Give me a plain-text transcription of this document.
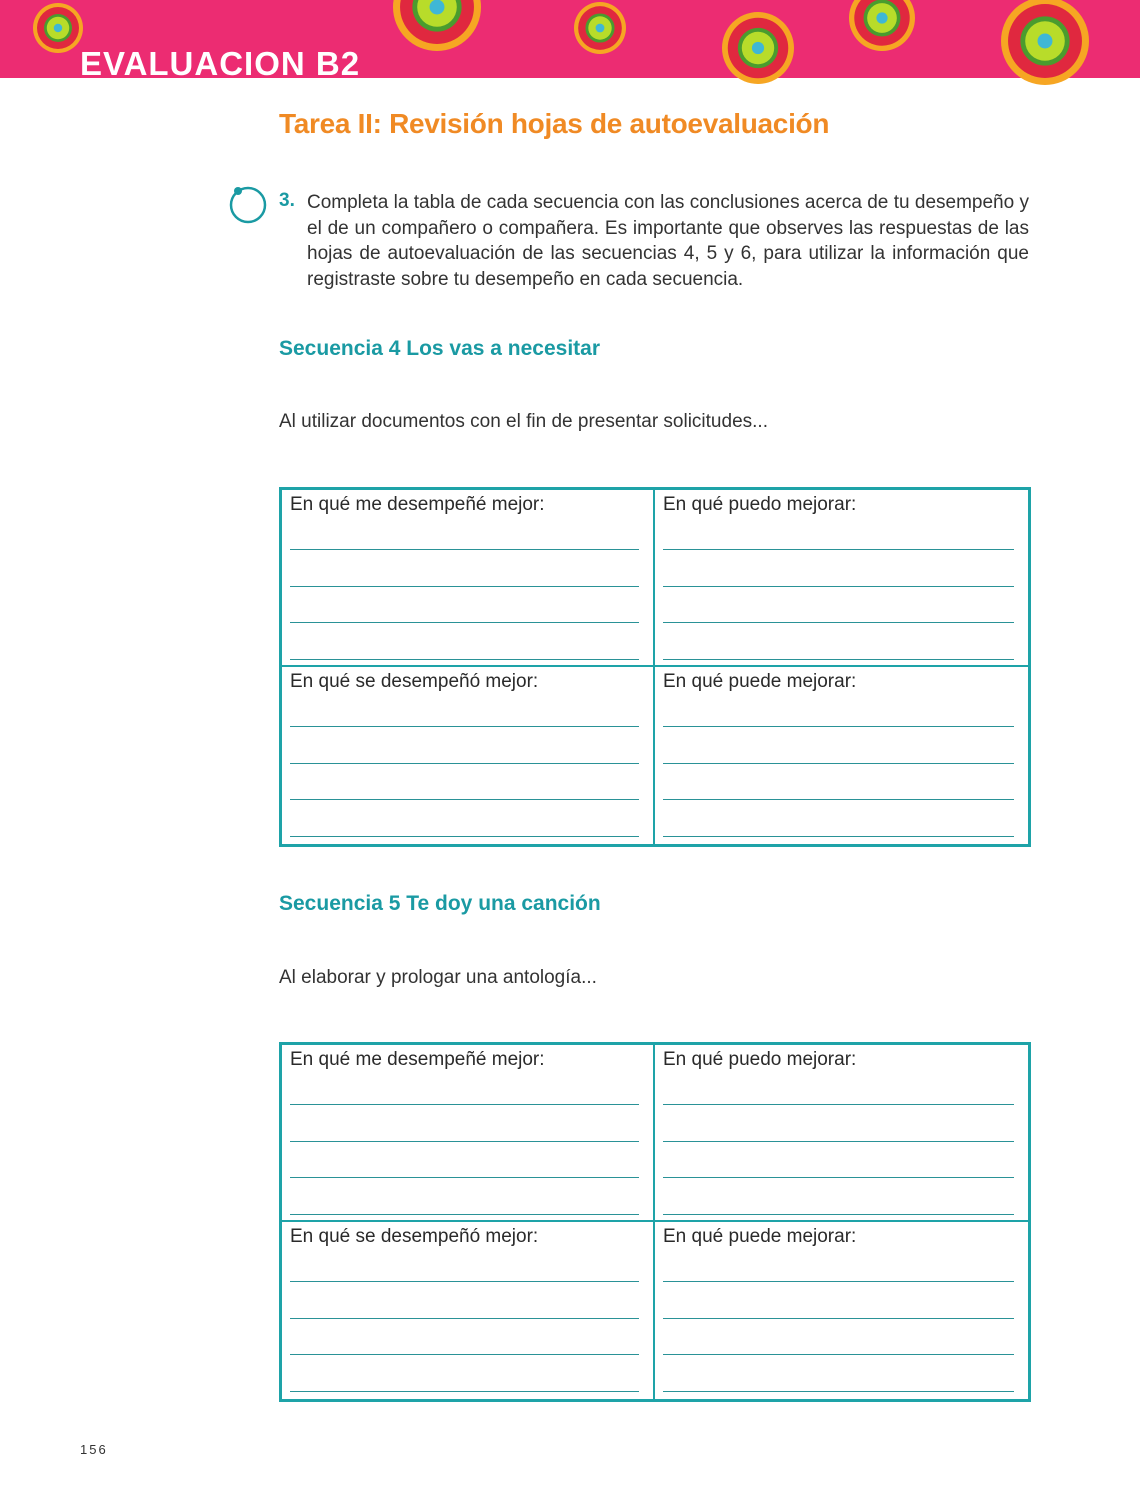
EVALUACION B2
Tarea II: Revisión hojas de autoevaluación
3. Completa la tabla de cada secuencia con las conclusiones acerca de tu desempeño y el de un compañero o compañera. Es importante que observes las respuestas de las hojas de autoevaluación de las secuencias 4, 5 y 6, para utilizar la información que registraste sobre tu desempeño en cada secuencia.
Secuencia 4 Los vas a necesitar
Al utilizar documentos con el fin de presentar solicitudes...
En qué me desempeñé mejor:	En qué puedo mejorar:
En qué se desempeñó mejor:	En qué puede mejorar:
Secuencia 5 Te doy una canción
Al elaborar y prologar una antología...
En qué me desempeñé mejor:	En qué puedo mejorar:
En qué se desempeñó mejor:	En qué puede mejorar:
156
